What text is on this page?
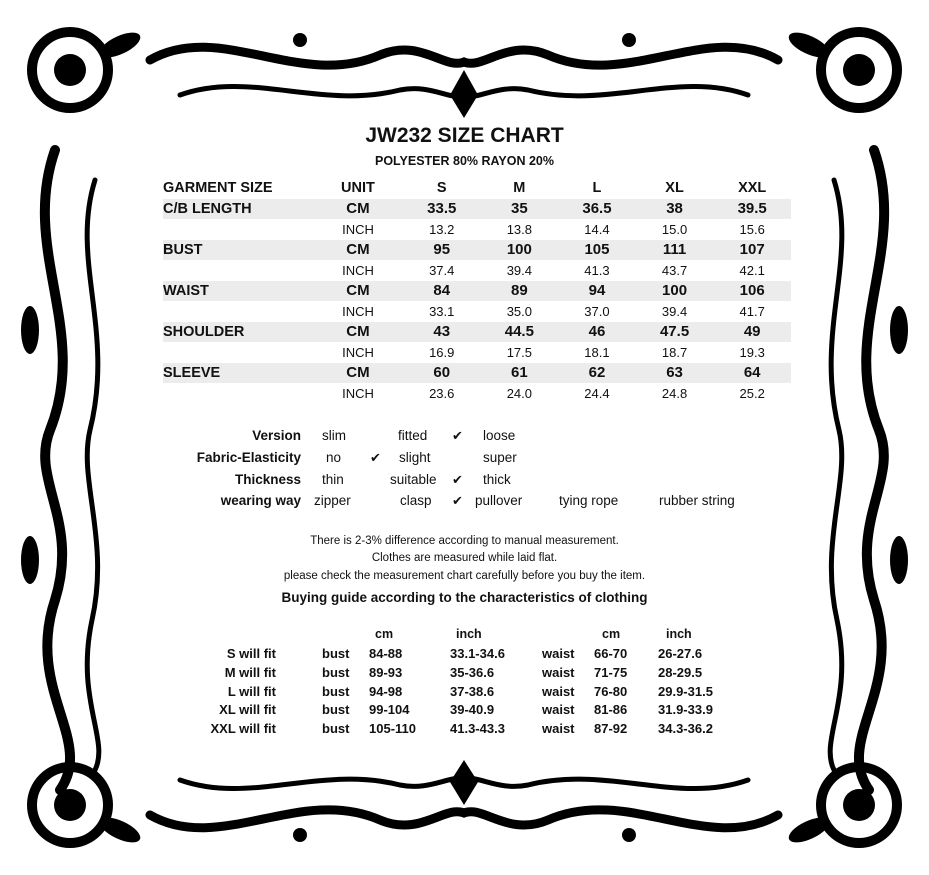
JW232 SIZE CHART
POLYESTER 80% RAYON 20%
GARMENT SIZE	UNIT	S	M	L	XL	XXL
C/B LENGTH	CM	33.5	35	36.5	38	39.5
	INCH	13.2	13.8	14.4	15.0	15.6
BUST	CM	95	100	105	111	107
	INCH	37.4	39.4	41.3	43.7	42.1
WAIST	CM	84	89	94	100	106
	INCH	33.1	35.0	37.0	39.4	41.7
SHOULDER	CM	43	44.5	46	47.5	49
	INCH	16.9	17.5	18.1	18.7	19.3
SLEEVE	CM	60	61	62	63	64
	INCH	23.6	24.0	24.4	24.8	25.2
Version slim	fitted ✔ loose
Fabric-Elasticity no ✔ slight	super
Thickness thin	suitable ✔ thick
wearing way zipper	clasp ✔ pullover	tying rope	rubber string
There is 2-3% difference according to manual measurement.
Clothes are measured while laid flat.
please check the measurement chart carefully before you buy the item.
Buying guide according to the characteristics of clothing
cm	inch	cm	inch
S will fit	bust 84-88	33.1-34.6	waist 66-70 26-27.6
M will fit	bust 89-93	35-36.6	waist 71-75 28-29.5
L will fit	bust 94-98	37-38.6	waist 76-80 29.9-31.5
XL will fit	bust 99-104	39-40.9	waist 81-86 31.9-33.9
XXL will fit	bust 105-110	41.3-43.3	waist 87-92 34.3-36.2
